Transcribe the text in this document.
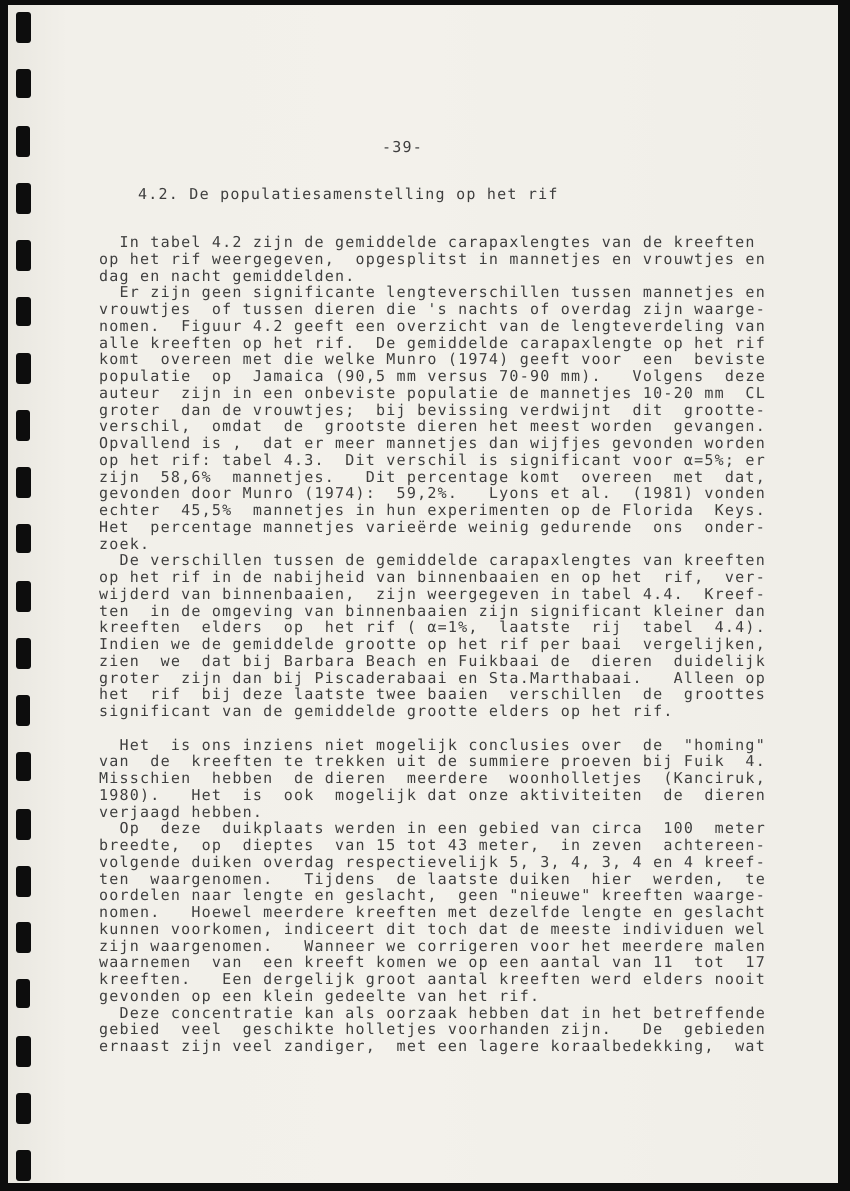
-39-
4.2. De populatiesamenstelling op het rif
In tabel 4.2 zijn de gemiddelde carapaxlengtes van de kreeften
op het rif weergegeven,  opgesplitst in mannetjes en vrouwtjes en
dag en nacht gemiddelden.
Er zijn geen significante lengteverschillen tussen mannetjes en
vrouwtjes  of tussen dieren die 's nachts of overdag zijn waarge-
nomen.  Figuur 4.2 geeft een overzicht van de lengteverdeling van
alle kreeften op het rif.  De gemiddelde carapaxlengte op het rif
komt  overeen met die welke Munro (1974) geeft voor  een  beviste
populatie  op  Jamaica (90,5 mm versus 70-90 mm).   Volgens  deze
auteur  zijn in een onbeviste populatie de mannetjes 10-20 mm  CL
groter  dan de vrouwtjes;  bij bevissing verdwijnt  dit  grootte-
verschil,  omdat  de  grootste dieren het meest worden  gevangen.
Opvallend is ,  dat er meer mannetjes dan wijfjes gevonden worden
op het rif: tabel 4.3.  Dit verschil is significant voor α=5%; er
zijn  58,6%  mannetjes.   Dit percentage komt  overeen  met  dat,
gevonden door Munro (1974):  59,2%.   Lyons et al.  (1981) vonden
echter  45,5%  mannetjes in hun experimenten op de Florida  Keys.
Het  percentage mannetjes varieërde weinig gedurende  ons  onder-
zoek.
De verschillen tussen de gemiddelde carapaxlengtes van kreeften
op het rif in de nabijheid van binnenbaaien en op het  rif,  ver-
wijderd van binnenbaaien,  zijn weergegeven in tabel 4.4.  Kreef-
ten  in de omgeving van binnenbaaien zijn significant kleiner dan
kreeften  elders  op  het rif ( α=1%,  laatste  rij  tabel  4.4).
Indien we de gemiddelde grootte op het rif per baai  vergelijken,
zien  we  dat bij Barbara Beach en Fuikbaai de  dieren  duidelijk
groter  zijn dan bij Piscaderabaai en Sta.Marthabaai.   Alleen op
het  rif  bij deze laatste twee baaien  verschillen  de  groottes
significant van de gemiddelde grootte elders op het rif.

Het  is ons inziens niet mogelijk conclusies over  de  "homing"
van  de  kreeften te trekken uit de summiere proeven bij Fuik  4.
Misschien  hebben  de dieren  meerdere  woonholletjes  (Kanciruk,
1980).   Het  is  ook  mogelijk dat onze aktiviteiten  de  dieren
verjaagd hebben.
Op  deze  duikplaats werden in een gebied van circa  100  meter
breedte,  op  dieptes  van 15 tot 43 meter,  in zeven  achtereen-
volgende duiken overdag respectievelijk 5, 3, 4, 3, 4 en 4 kreef-
ten  waargenomen.   Tijdens  de laatste duiken  hier  werden,  te
oordelen naar lengte en geslacht,  geen "nieuwe" kreeften waarge-
nomen.   Hoewel meerdere kreeften met dezelfde lengte en geslacht
kunnen voorkomen, indiceert dit toch dat de meeste individuen wel
zijn waargenomen.   Wanneer we corrigeren voor het meerdere malen
waarnemen  van  een kreeft komen we op een aantal van 11  tot  17
kreeften.   Een dergelijk groot aantal kreeften werd elders nooit
gevonden op een klein gedeelte van het rif.
Deze concentratie kan als oorzaak hebben dat in het betreffende
gebied  veel  geschikte holletjes voorhanden zijn.   De  gebieden
ernaast zijn veel zandiger,  met een lagere koraalbedekking,  wat
